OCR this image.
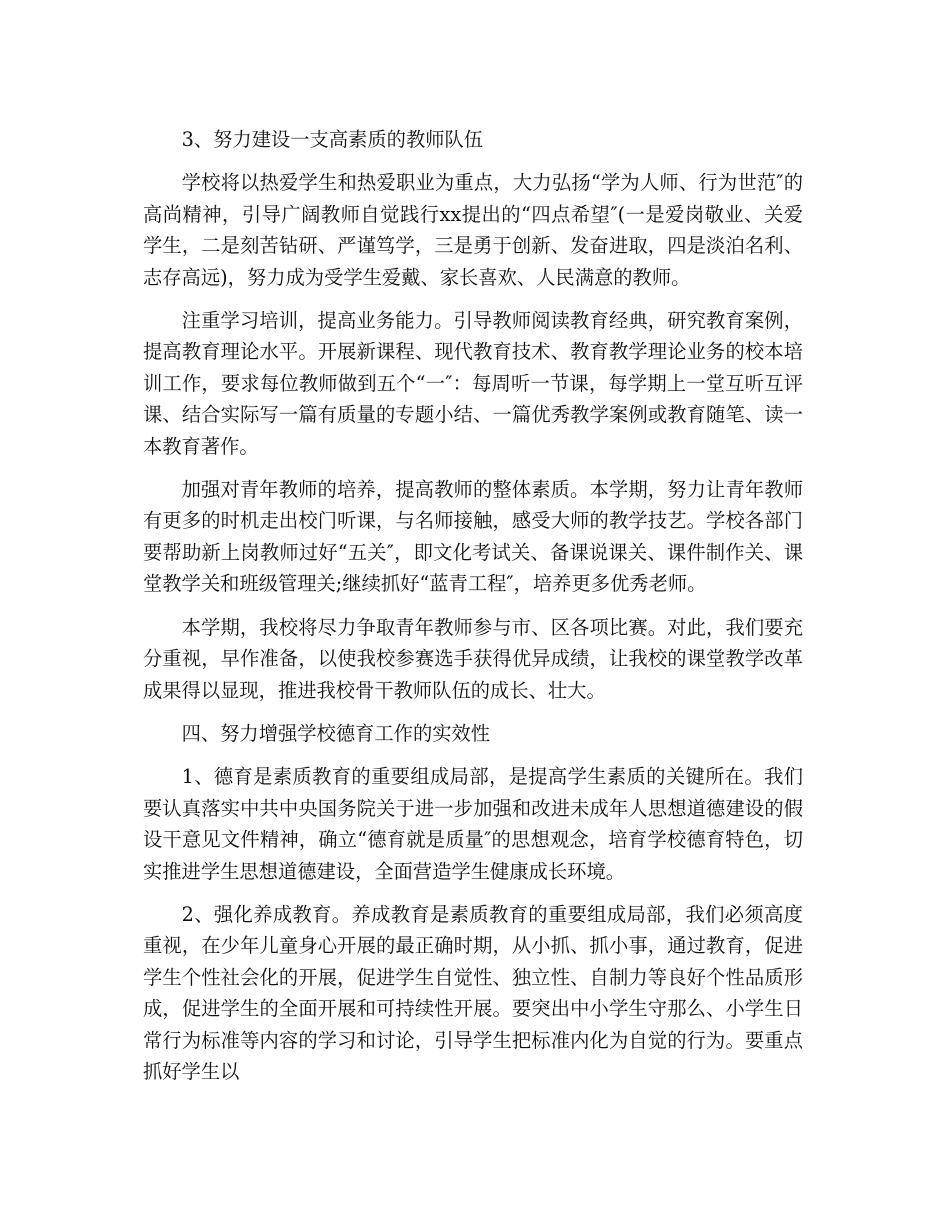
3、努力建设一支高素质的教师队伍

学校将以热爱学生和热爱职业为重点，大力弘扬“学为人师、行为世范″的高尚精神，引导广阔教师自觉践行xx提出的“四点希望″(一是爱岗敬业、关爱学生，二是刻苦钻研、严谨笃学，三是勇于创新、发奋进取，四是淡泊名利、志存高远)，努力成为受学生爱戴、家长喜欢、人民满意的教师。

注重学习培训，提高业务能力。引导教师阅读教育经典，研究教育案例，提高教育理论水平。开展新课程、现代教育技术、教育教学理论业务的校本培训工作，要求每位教师做到五个“一″：每周听一节课，每学期上一堂互听互评课、结合实际写一篇有质量的专题小结、一篇优秀教学案例或教育随笔、读一本教育著作。

加强对青年教师的培养，提高教师的整体素质。本学期，努力让青年教师有更多的时机走出校门听课，与名师接触，感受大师的教学技艺。学校各部门要帮助新上岗教师过好“五关″，即文化考试关、备课说课关、课件制作关、课堂教学关和班级管理关;继续抓好“蓝青工程″，培养更多优秀老师。

本学期，我校将尽力争取青年教师参与市、区各项比赛。对此，我们要充分重视，早作准备，以使我校参赛选手获得优异成绩，让我校的课堂教学改革成果得以显现，推进我校骨干教师队伍的成长、壮大。

四、努力增强学校德育工作的实效性

1、德育是素质教育的重要组成局部，是提高学生素质的关键所在。我们要认真落实中共中央国务院关于进一步加强和改进未成年人思想道德建设的假设干意见文件精神，确立“德育就是质量″的思想观念，培育学校德育特色，切实推进学生思想道德建设，全面营造学生健康成长环境。

2、强化养成教育。养成教育是素质教育的重要组成局部，我们必须高度重视，在少年儿童身心开展的最正确时期，从小抓、抓小事，通过教育，促进学生个性社会化的开展，促进学生自觉性、独立性、自制力等良好个性品质形成，促进学生的全面开展和可持续性开展。要突出中小学生守那么、小学生日常行为标准等内容的学习和讨论，引导学生把标准内化为自觉的行为。要重点抓好学生以
